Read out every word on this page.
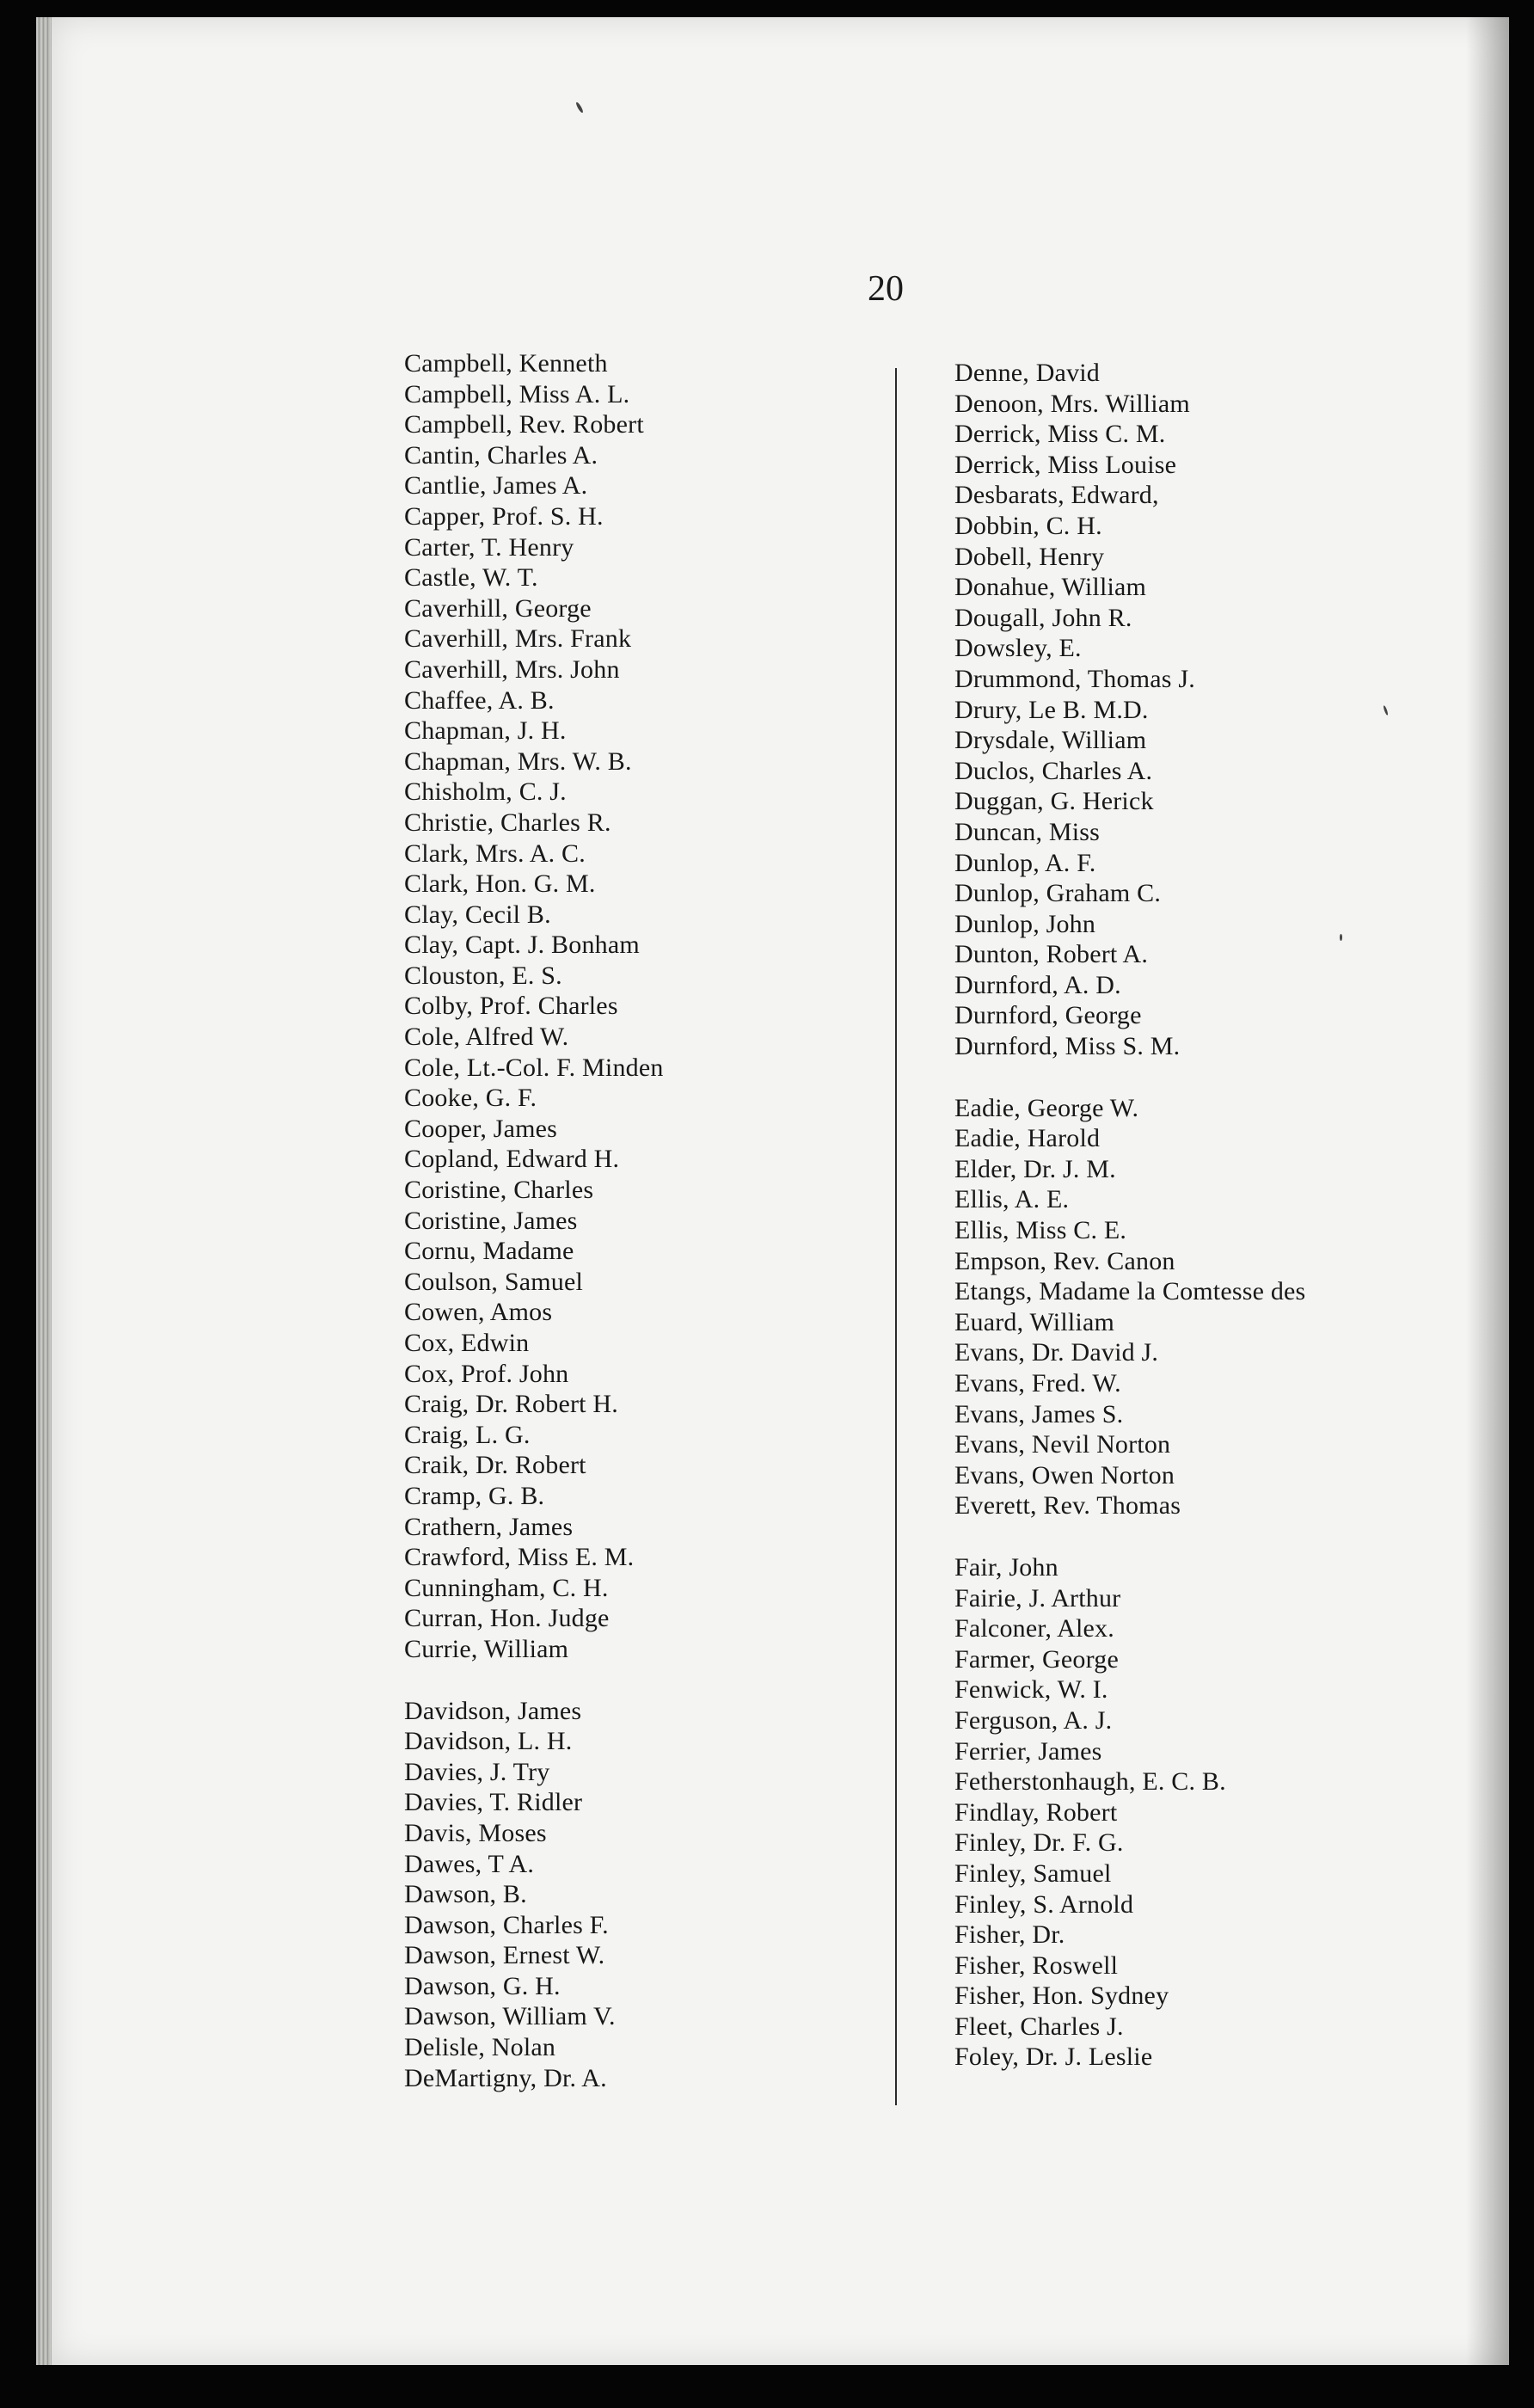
20
Campbell, Kenneth
Campbell, Miss A. L.
Campbell, Rev. Robert
Cantin, Charles A.
Cantlie, James A.
Capper, Prof. S. H.
Carter, T. Henry
Castle, W. T.
Caverhill, George
Caverhill, Mrs. Frank
Caverhill, Mrs. John
Chaffee, A. B.
Chapman, J. H.
Chapman, Mrs. W. B.
Chisholm, C. J.
Christie, Charles R.
Clark, Mrs. A. C.
Clark, Hon. G. M.
Clay, Cecil B.
Clay, Capt. J. Bonham
Clouston, E. S.
Colby, Prof. Charles
Cole, Alfred W.
Cole, Lt.-Col. F. Minden
Cooke, G. F.
Cooper, James
Copland, Edward H.
Coristine, Charles
Coristine, James
Cornu, Madame
Coulson, Samuel
Cowen, Amos
Cox, Edwin
Cox, Prof. John
Craig, Dr. Robert H.
Craig, L. G.
Craik, Dr. Robert
Cramp, G. B.
Crathern, James
Crawford, Miss E. M.
Cunningham, C. H.
Curran, Hon. Judge
Currie, William
Davidson, James
Davidson, L. H.
Davies, J. Try
Davies, T. Ridler
Davis, Moses
Dawes, T A.
Dawson, B.
Dawson, Charles F.
Dawson, Ernest W.
Dawson, G. H.
Dawson, William V.
Delisle, Nolan
DeMartigny, Dr. A.
Denne, David
Denoon, Mrs. William
Derrick, Miss C. M.
Derrick, Miss Louise
Desbarats, Edward,
Dobbin, C. H.
Dobell, Henry
Donahue, William
Dougall, John R.
Dowsley, E.
Drummond, Thomas J.
Drury, Le B. M.D.
Drysdale, William
Duclos, Charles A.
Duggan, G. Herick
Duncan, Miss
Dunlop, A. F.
Dunlop, Graham C.
Dunlop, John
Dunton, Robert A.
Durnford, A. D.
Durnford, George
Durnford, Miss S. M.
Eadie, George W.
Eadie, Harold
Elder, Dr. J. M.
Ellis, A. E.
Ellis, Miss C. E.
Empson, Rev. Canon
Etangs, Madame la Comtesse des
Euard, William
Evans, Dr. David J.
Evans, Fred. W.
Evans, James S.
Evans, Nevil Norton
Evans, Owen Norton
Everett, Rev. Thomas
Fair, John
Fairie, J. Arthur
Falconer, Alex.
Farmer, George
Fenwick, W. I.
Ferguson, A. J.
Ferrier, James
Fetherstonhaugh, E. C. B.
Findlay, Robert
Finley, Dr. F. G.
Finley, Samuel
Finley, S. Arnold
Fisher, Dr.
Fisher, Roswell
Fisher, Hon. Sydney
Fleet, Charles J.
Foley, Dr. J. Leslie
